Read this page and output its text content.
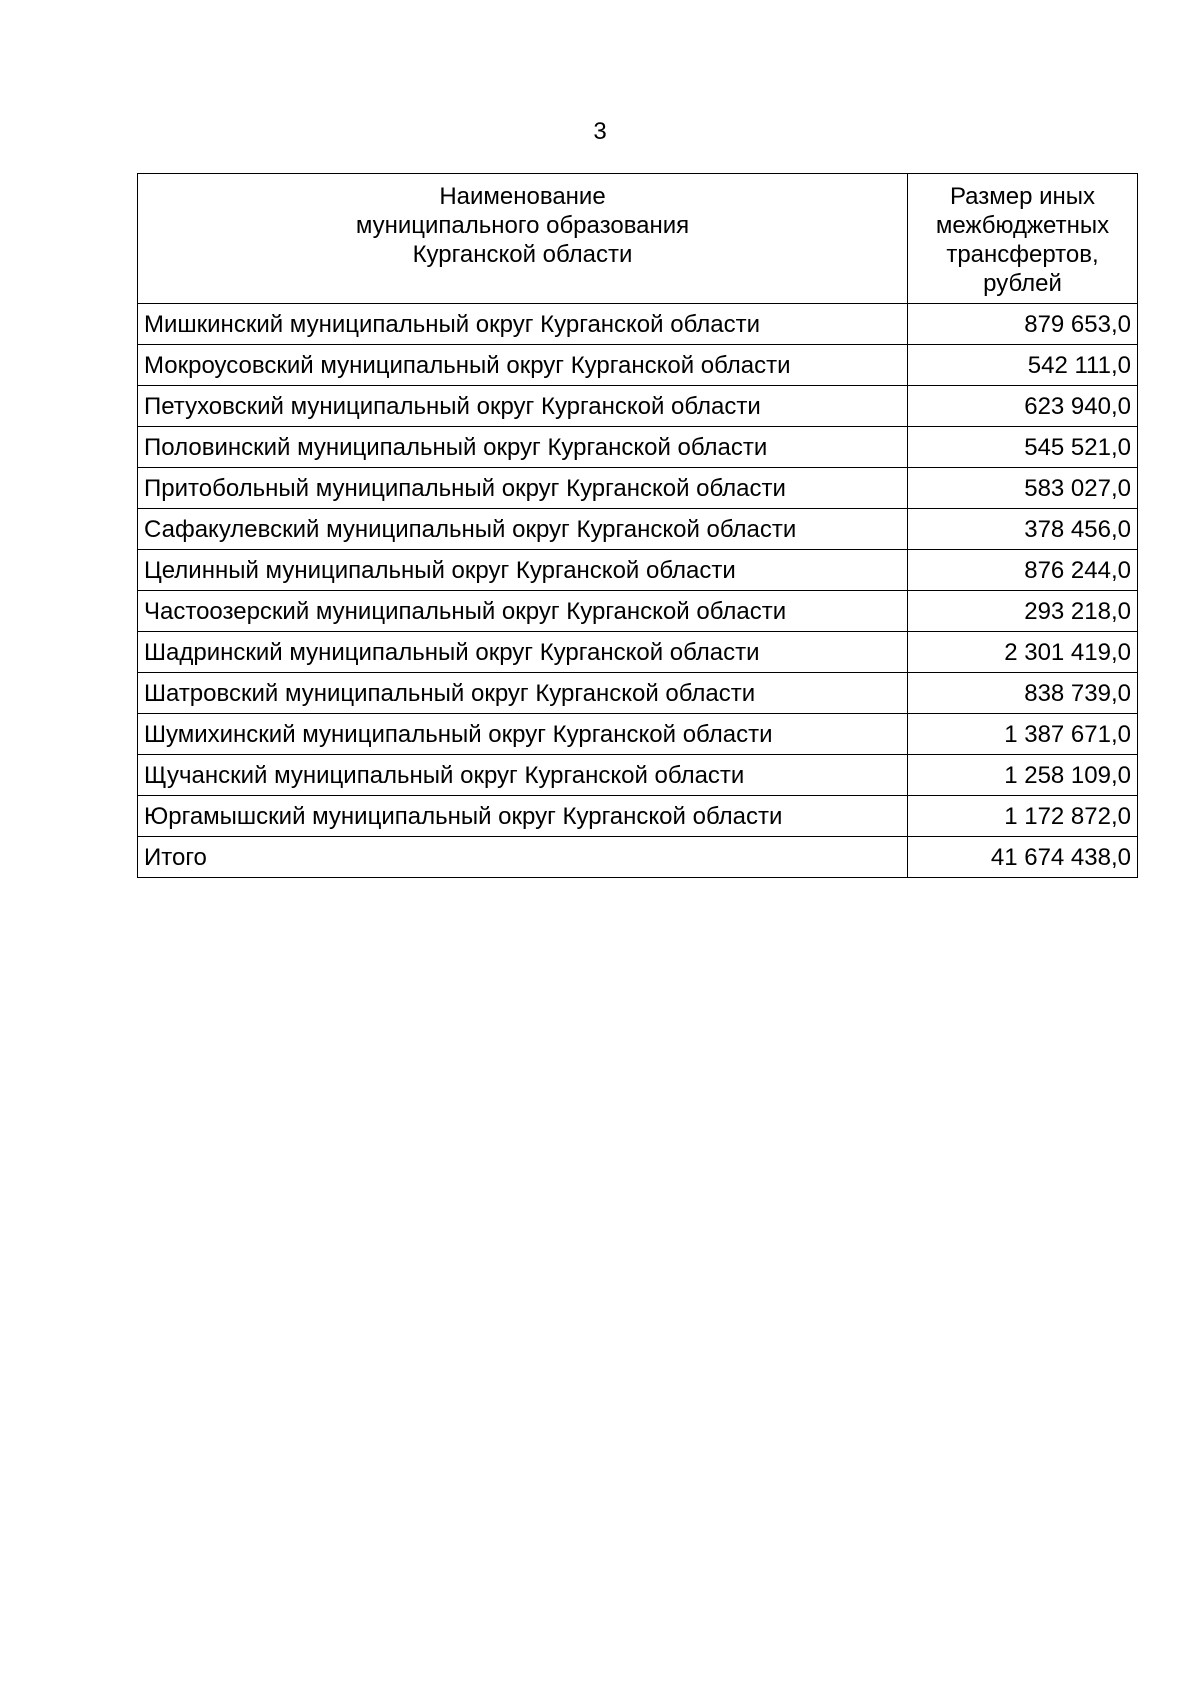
3
Наименование
муниципального образования
Курганской области	Размер иных
межбюджетных
трансфертов,
рублей

Мишкинский муниципальный округ Курганской области	879 653,0
Мокроусовский муниципальный округ Курганской области	542 111,0
Петуховский муниципальный округ Курганской области	623 940,0
Половинский муниципальный округ Курганской области	545 521,0
Притобольный муниципальный округ Курганской области	583 027,0
Сафакулевский муниципальный округ Курганской области	378 456,0
Целинный муниципальный округ Курганской области	876 244,0
Частоозерский муниципальный округ Курганской области	293 218,0
Шадринский муниципальный округ Курганской области	2 301 419,0
Шатровский муниципальный округ Курганской области	838 739,0
Шумихинский муниципальный округ Курганской области	1 387 671,0
Щучанский муниципальный округ Курганской области	1 258 109,0
Юргамышский муниципальный округ Курганской области	1 172 872,0
Итого	41 674 438,0
